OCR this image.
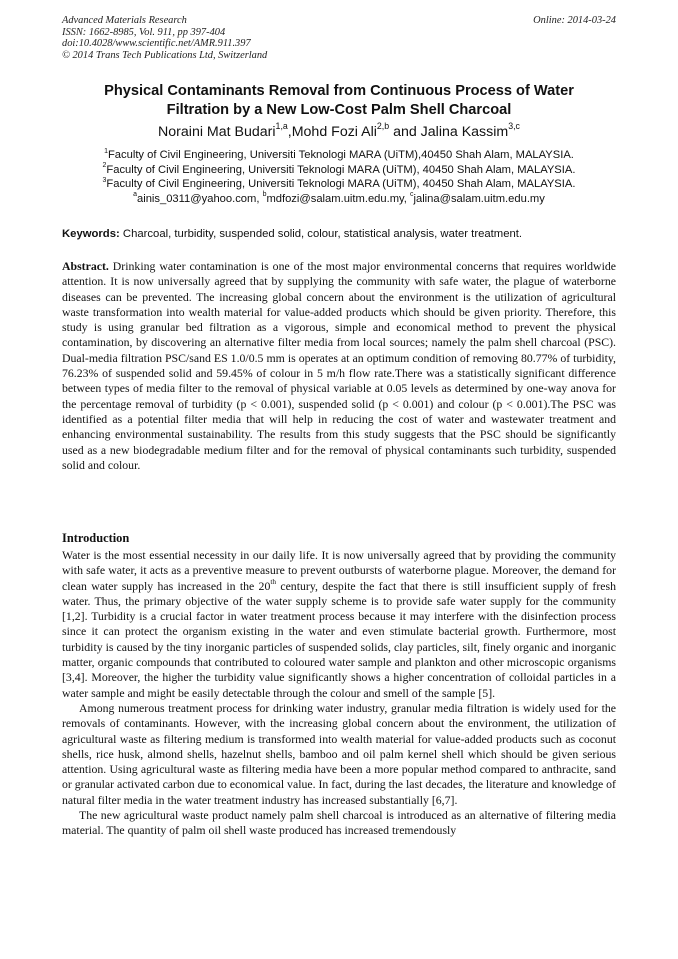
Advanced Materials Research
ISSN: 1662-8985, Vol. 911, pp 397-404
doi:10.4028/www.scientific.net/AMR.911.397
© 2014 Trans Tech Publications Ltd, Switzerland
Online: 2014-03-24
Physical Contaminants Removal from Continuous Process of Water
Filtration by a New Low-Cost Palm Shell Charcoal
Noraini Mat Budari$^{1,a}$,Mohd Fozi Ali$^{2,b}$ and Jalina Kassim$^{3,c}$
$^1$Faculty of Civil Engineering, Universiti Teknologi MARA (UiTM),40450 Shah Alam, MALAYSIA.
$^2$Faculty of Civil Engineering, Universiti Teknologi MARA (UiTM), 40450 Shah Alam, MALAYSIA.
$^3$Faculty of Civil Engineering, Universiti Teknologi MARA (UiTM), 40450 Shah Alam, MALAYSIA.
$^a$ainis_0311@yahoo.com, $^b$mdfozi@salam.uitm.edu.my, $^c$jalina@salam.uitm.edu.my
Keywords: Charcoal, turbidity, suspended solid, colour, statistical analysis, water treatment.
Abstract. Drinking water contamination is one of the most major environmental concerns that requires worldwide attention. It is now universally agreed that by supplying the community with safe water, the plague of waterborne diseases can be prevented. The increasing global concern about the environment is the utilization of agricultural waste transformation into wealth material for value-added products which should be given priority. Therefore, this study is using granular bed filtration as a vigorous, simple and economical method to prevent the physical contamination, by discovering an alternative filter media from local sources; namely the palm shell charcoal (PSC). Dual-media filtration PSC/sand ES 1.0/0.5 mm is operates at an optimum condition of removing 80.77% of turbidity, 76.23% of suspended solid and 59.45% of colour in 5 m/h flow rate.There was a statistically significant difference between types of media filter to the removal of physical variable at 0.05 levels as determined by one-way anova for the percentage removal of turbidity (p < 0.001), suspended solid (p < 0.001) and colour (p < 0.001).The PSC was identified as a potential filter media that will help in reducing the cost of water and wastewater treatment and enhancing environmental sustainability. The results from this study suggests that the PSC should be significantly used as a new biodegradable medium filter and for the removal of physical contaminants such turbidity, suspended solid and colour.
Introduction

Water is the most essential necessity in our daily life. It is now universally agreed that by providing the community with safe water, it acts as a preventive measure to prevent outbursts of waterborne plague. Moreover, the demand for clean water supply has increased in the 20th century, despite the fact that there is still insufficient supply of fresh water. Thus, the primary objective of the water supply scheme is to provide safe water supply for the community [1,2]. Turbidity is a crucial factor in water treatment process because it may interfere with the disinfection process since it can protect the organism existing in the water and even stimulate bacterial growth. Furthermore, most turbidity is caused by the tiny inorganic particles of suspended solids, clay particles, silt, finely organic and inorganic matter, organic compounds that contributed to coloured water sample and plankton and other microscopic organisms [3,4]. Moreover, the higher the turbidity value significantly shows a higher concentration of colloidal particles in a water sample and might be easily detectable through the colour and smell of the sample [5].

Among numerous treatment process for drinking water industry, granular media filtration is widely used for the removals of contaminants. However, with the increasing global concern about the environment, the utilization of agricultural waste as filtering medium is transformed into wealth material for value-added products such as coconut shells, rice husk, almond shells, hazelnut shells, bamboo and oil palm kernel shell which should be given serious attention. Using agricultural waste as filtering media have been a more popular method compared to anthracite, sand or granular activated carbon due to economical value. In fact, during the last decades, the literature and knowledge of natural filter media in the water treatment industry has increased substantially [6,7].

The new agricultural waste product namely palm shell charcoal is introduced as an alternative of filtering media material. The quantity of palm oil shell waste produced has increased tremendously
